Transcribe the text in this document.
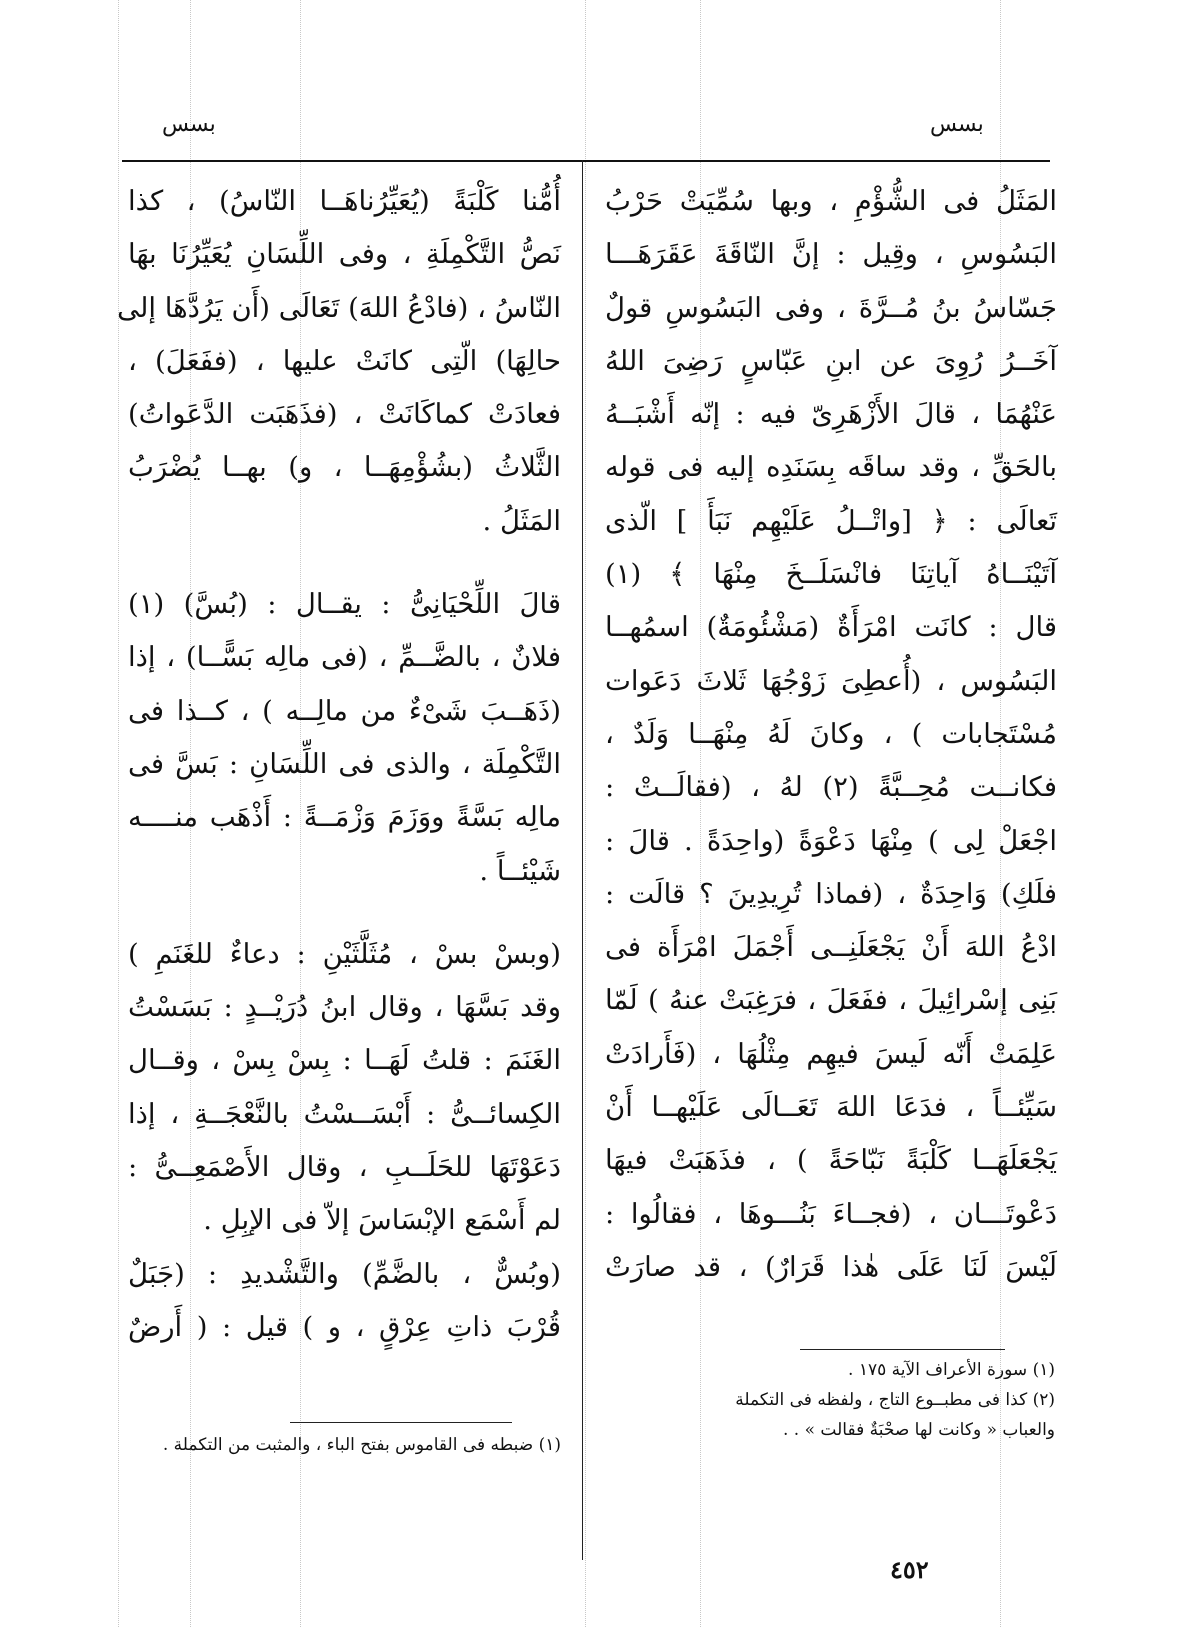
بسس	بسس
المَثَلُ فى الشُّؤْمِ ، وبها سُمِّيَتْ حَرْبُ
البَسُوسِ ، وقِيل : إنَّ النّاقَةَ عَقَرَهَـــا
جَسّاسُ بنُ مُــرَّةَ ، وفى البَسُوسِ قولٌ
آخَــرُ رُوِىَ عن ابنِ عَبّاسٍ رَضِىَ اللهُ
عَنْهُمَا ، قالَ الأَزْهَرِىّ فيه : إنّه أَشْبَــهُ
بالحَقِّ ، وقد ساقَه بِسَنَدِه إليه فى قوله
تَعالَى : ﴿ [واتْــلُ عَلَيْهِم نَبَأَ ] الّذى
آتَيْنَــاهُ آياتِنَا فانْسَلَــخَ مِنْهَا ﴾ (١)
قال : كانَت امْرَأَةٌ (مَشْئُومَةٌ) اسمُهــا
البَسُوس ، (أُعطِىَ زَوْجُهَا ثَلاثَ دَعَوات
مُسْتَجابات ) ، وكانَ لَهُ مِنْهَــا وَلَدٌ ،
فكانــت مُحِــبَّةً (٢) لهُ ، (فقالَــتْ :
اجْعَلْ لِى ) مِنْهَا دَعْوَةً (واحِدَةً . قالَ :
فلَكِ) وَاحِدَةٌ ، (فماذا تُرِيدِينَ ؟ قالَت :
ادْعُ اللهَ أَنْ يَجْعَلَنِــى أَجْمَلَ امْرَأَة فى
بَنِى إسْرائِيلَ ، ففَعَلَ ، فرَغِبَتْ عنهُ ) لَمّا
عَلِمَتْ أَنّه لَيسَ فيهِم مِثْلُهَا ، (فَأَرادَتْ
سَيِّئــاً ، فدَعَا اللهَ تَعَــالَى عَلَيْهــا أَنْ
يَجْعَلَهَــا كَلْبَةً نَبّاحَةً ) ، فذَهَبَتْ فيهَا
دَعْوتَـــان ، (فجــاءَ بَنُـــوهَا ، فقالُوا :
لَيْسَ لَنَا عَلَى هٰذا قَرَارٌ) ، قد صارَتْ
(١) سورة الأعراف الآية ١٧٥ .
(٢) كذا فى مطبــوع التاج ، ولفظه فى التكملة
والعباب « وكانت لها صحْبَةٌ فقالت » . .
أُمُّنا كَلْبَةً (يُعَيِّرُناهَــا النّاسُ) ، كذا
نَصُّ التَّكْمِلَةِ ، وفى اللِّسَانِ يُعَيِّرُنَا بهَا
النّاسُ ، (فادْعُ اللهَ) تَعَالَى (أَن يَرُدَّهَا إلى
حالِهَا) الّتِى كانَتْ عليها ، (ففَعَلَ) ،
فعادَتْ كماكَانَتْ ، (فذَهَبَت الدَّعَواتُ)
الثَّلاثُ (بشُؤْمِهَــا ، و) بهــا يُضْرَبُ
المَثَلُ .
قالَ اللِّحْيَانِىُّ : يقــال : (بُسَّ) (١)
فلانٌ ، بالضَّــمِّ ، (فى مالِه بَسًّــا) ، إذا
(ذَهَــبَ شَىْءٌ من مالِــه ) ، كــذا فى
التَّكْمِلَة ، والذى فى اللِّسَانِ : بَسَّ فى
مالِه بَسَّةً ووَزَمَ وَزْمَــةً : أَذْهَب منــــه
شَيْئــاً .
(وبسْ بسْ ، مُثَلَّثَيْنِ : دعاءٌ للغَنَمِ )
وقد بَسَّهَا ، وقال ابنُ دُرَيْــدٍ : بَسَسْتُ
الغَنَمَ : قلتُ لَهَــا : بِسْ بِسْ ، وقــال
الكِسائــىُّ : أَبْسَــسْتُ بالنَّعْجَــةِ ، إذا
دَعَوْتَهَا للحَلَــبِ ، وقال الأَصْمَعِــىُّ :
لم أَسْمَع الإبْسَاسَ إلاّ فى الإبِلِ .
(وبُسٌّ ، بالضَّمِّ) والتَّشْديدِ : (جَبَلٌ
قُرْبَ ذاتِ عِرْقٍ ، و ) قيل : ( أَرضٌ
(١) ضبطه فى القاموس بفتح الباء ، والمثبت من التكملة .
٤٥٢
